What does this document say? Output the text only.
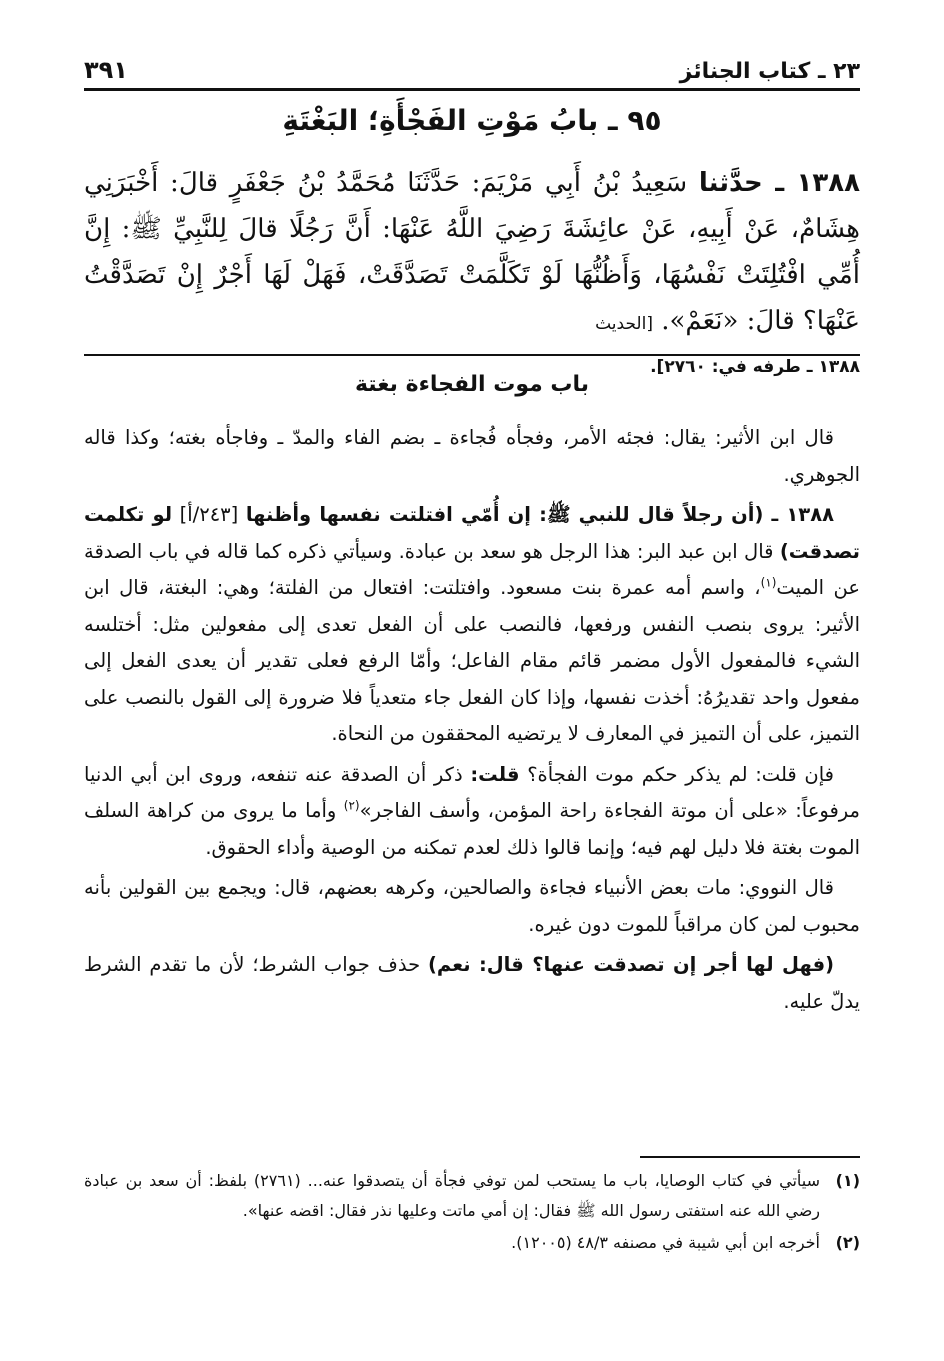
٢٣ ـ كتاب الجنائز
٣٩١
٩٥ ـ بابُ مَوْتِ الفَجْأَةِ؛ البَغْتَةِ
١٣٨٨ ـ حدَّثنا سَعِيدُ بْنُ أَبِي مَرْيَمَ: حَدَّثَنَا مُحَمَّدُ بْنُ جَعْفَرٍ قالَ: أَخْبَرَنِي هِشَامٌ، عَنْ أَبِيهِ، عَنْ عائِشَةَ رَضِيَ اللَّهُ عَنْهَا: أَنَّ رَجُلًا قالَ لِلنَّبِيِّ ﷺ: إِنَّ أُمِّي افْتُلِتَتْ نَفْسُهَا، وَأَظُنُّهَا لَوْ تَكَلَّمَتْ تَصَدَّقَتْ، فَهَلْ لَهَا أَجْرٌ إِنْ تَصَدَّقْتُ عَنْهَا؟ قالَ: «نَعَمْ». [الحديث
١٣٨٨ ـ طرفه في: ٢٧٦٠].
باب موت الفجاءة بغتة

قال ابن الأثير: يقال: فجئه الأمر، وفجأه فُجاءة ـ بضم الفاء والمدّ ـ وفاجأه بغته؛ وكذا قاله الجوهري.

١٣٨٨ ـ (أن رجلاً قال للنبي ﷺ: إن أُمّي افتلتت نفسها وأظنها [٢٤٣/أ] لو تكلمت تصدقت) قال ابن عبد البر: هذا الرجل هو سعد بن عبادة. وسيأتي ذكره كما قاله في باب الصدقة عن الميت$^{(١)}$، واسم أمه عمرة بنت مسعود. وافتلتت: افتعال من الفلتة؛ وهي: البغتة، قال ابن الأثير: يروى بنصب النفس ورفعها، فالنصب على أن الفعل تعدى إلى مفعولين مثل: أختلسه الشيء فالمفعول الأول مضمر قائم مقام الفاعل؛ وأمّا الرفع فعلى تقدير أن يعدى الفعل إلى مفعول واحد تقديرُهُ: أخذت نفسها، وإذا كان الفعل جاء متعدياً فلا ضرورة إلى القول بالنصب على التميز، على أن التميز في المعارف لا يرتضيه المحققون من النحاة.

فإن قلت: لم يذكر حكم موت الفجأة؟ قلت: ذكر أن الصدقة عنه تنفعه، وروى ابن أبي الدنيا مرفوعاً: «على أن موتة الفجاءة راحة المؤمن، وأسف الفاجر»$^{(٢)}$ وأما ما يروى من كراهة السلف الموت بغتة فلا دليل لهم فيه؛ وإنما قالوا ذلك لعدم تمكنه من الوصية وأداء الحقوق.

قال النووي: مات بعض الأنبياء فجاءة والصالحين، وكرهه بعضهم، قال: ويجمع بين القولين بأنه محبوب لمن كان مراقباً للموت دون غيره.

(فهل لها أجر إن تصدقت عنها؟ قال: نعم) حذف جواب الشرط؛ لأن ما تقدم الشرط يدلّ عليه.

(١)
سيأتي في كتاب الوصايا، باب ما يستحب لمن توفي فجأة أن يتصدقوا عنه... (٢٧٦١) بلفظ: أن سعد بن عبادة رضي الله عنه استفتى رسول الله ﷺ فقال: إن أمي ماتت وعليها نذر فقال: اقضه عنها».
(٢)
أخرجه ابن أبي شيبة في مصنفه ٤٨/٣ (١٢٠٠٥).
